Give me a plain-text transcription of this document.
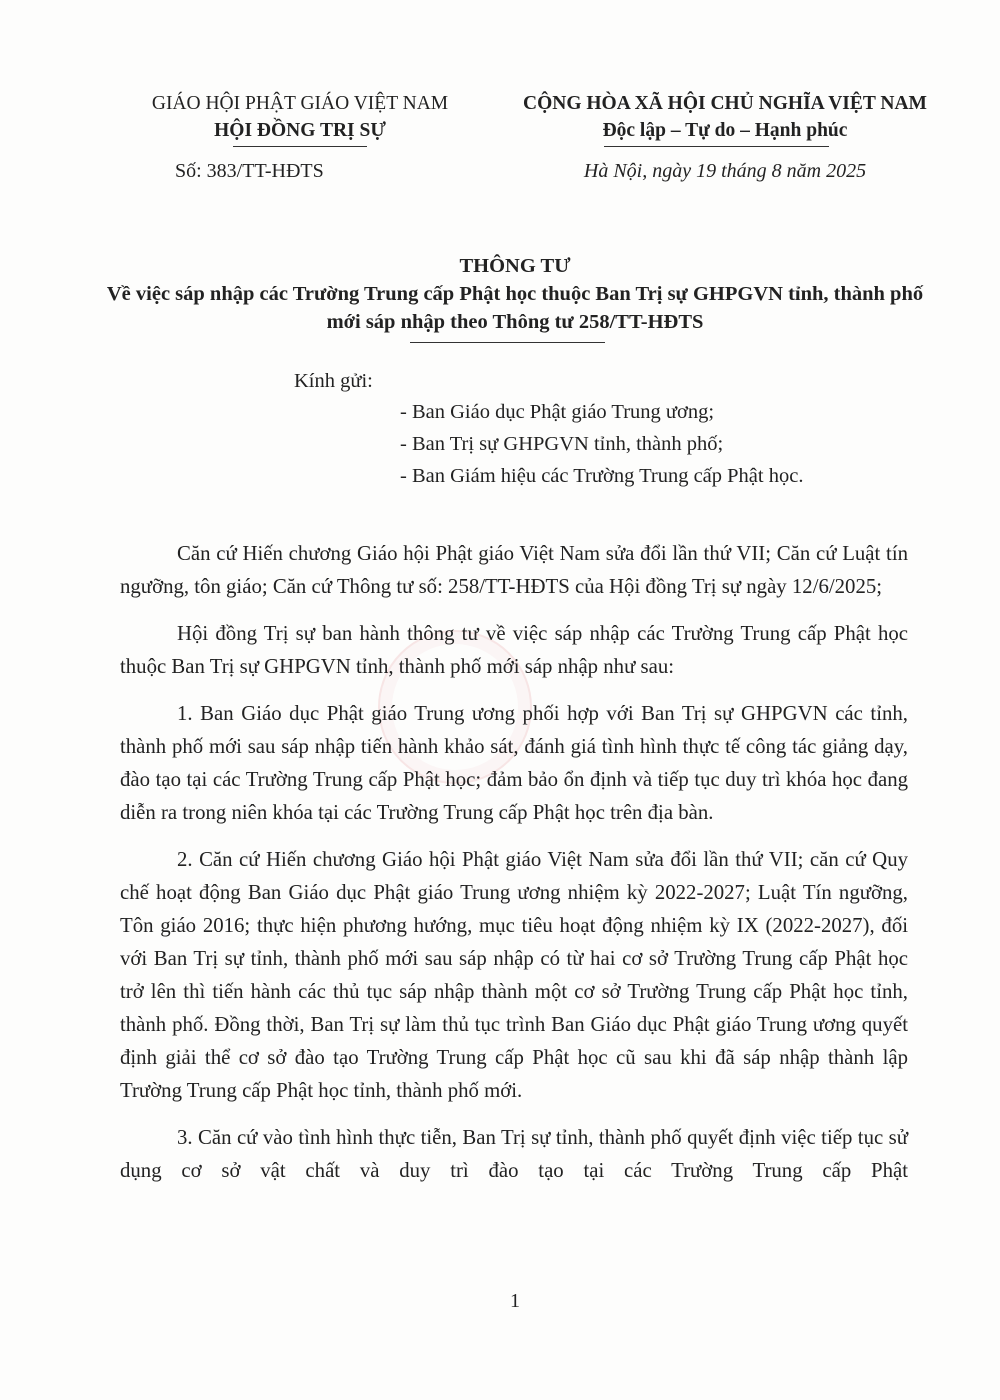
GIÁO HỘI PHẬT GIÁO VIỆT NAM
HỘI ĐỒNG TRỊ SỰ
CỘNG HÒA XÃ HỘI CHỦ NGHĨA VIỆT NAM
Độc lập – Tự do – Hạnh phúc
Số: 383/TT-HĐTS	Hà Nội, ngày 19 tháng 8 năm 2025
THÔNG TƯ
Về việc sáp nhập các Trường Trung cấp Phật học thuộc Ban Trị sự GHPGVN tỉnh, thành phố mới sáp nhập theo Thông tư 258/TT-HĐTS
Kính gửi:
- Ban Giáo dục Phật giáo Trung ương;
- Ban Trị sự GHPGVN tỉnh, thành phố;
- Ban Giám hiệu các Trường Trung cấp Phật học.

Căn cứ Hiến chương Giáo hội Phật giáo Việt Nam sửa đổi lần thứ VII; Căn cứ Luật tín ngưỡng, tôn giáo; Căn cứ Thông tư số: 258/TT-HĐTS của Hội đồng Trị sự ngày 12/6/2025;

Hội đồng Trị sự ban hành thông tư về việc sáp nhập các Trường Trung cấp Phật học thuộc Ban Trị sự GHPGVN tỉnh, thành phố mới sáp nhập như sau:

1. Ban Giáo dục Phật giáo Trung ương phối hợp với Ban Trị sự GHPGVN các tỉnh, thành phố mới sau sáp nhập tiến hành khảo sát, đánh giá tình hình thực tế công tác giảng dạy, đào tạo tại các Trường Trung cấp Phật học; đảm bảo ổn định và tiếp tục duy trì khóa học đang diễn ra trong niên khóa tại các Trường Trung cấp Phật học trên địa bàn.

2. Căn cứ Hiến chương Giáo hội Phật giáo Việt Nam sửa đổi lần thứ VII; căn cứ Quy chế hoạt động Ban Giáo dục Phật giáo Trung ương nhiệm kỳ 2022-2027; Luật Tín ngưỡng, Tôn giáo 2016; thực hiện phương hướng, mục tiêu hoạt động nhiệm kỳ IX (2022-2027), đối với Ban Trị sự tỉnh, thành phố mới sau sáp nhập có từ hai cơ sở Trường Trung cấp Phật học trở lên thì tiến hành các thủ tục sáp nhập thành một cơ sở Trường Trung cấp Phật học tỉnh, thành phố. Đồng thời, Ban Trị sự làm thủ tục trình Ban Giáo dục Phật giáo Trung ương quyết định giải thể cơ sở đào tạo Trường Trung cấp Phật học cũ sau khi đã sáp nhập thành lập Trường Trung cấp Phật học tỉnh, thành phố mới.

3. Căn cứ vào tình hình thực tiễn, Ban Trị sự tỉnh, thành phố quyết định việc tiếp tục sử dụng cơ sở vật chất và duy trì đào tạo tại các Trường Trung cấp Phật

1
